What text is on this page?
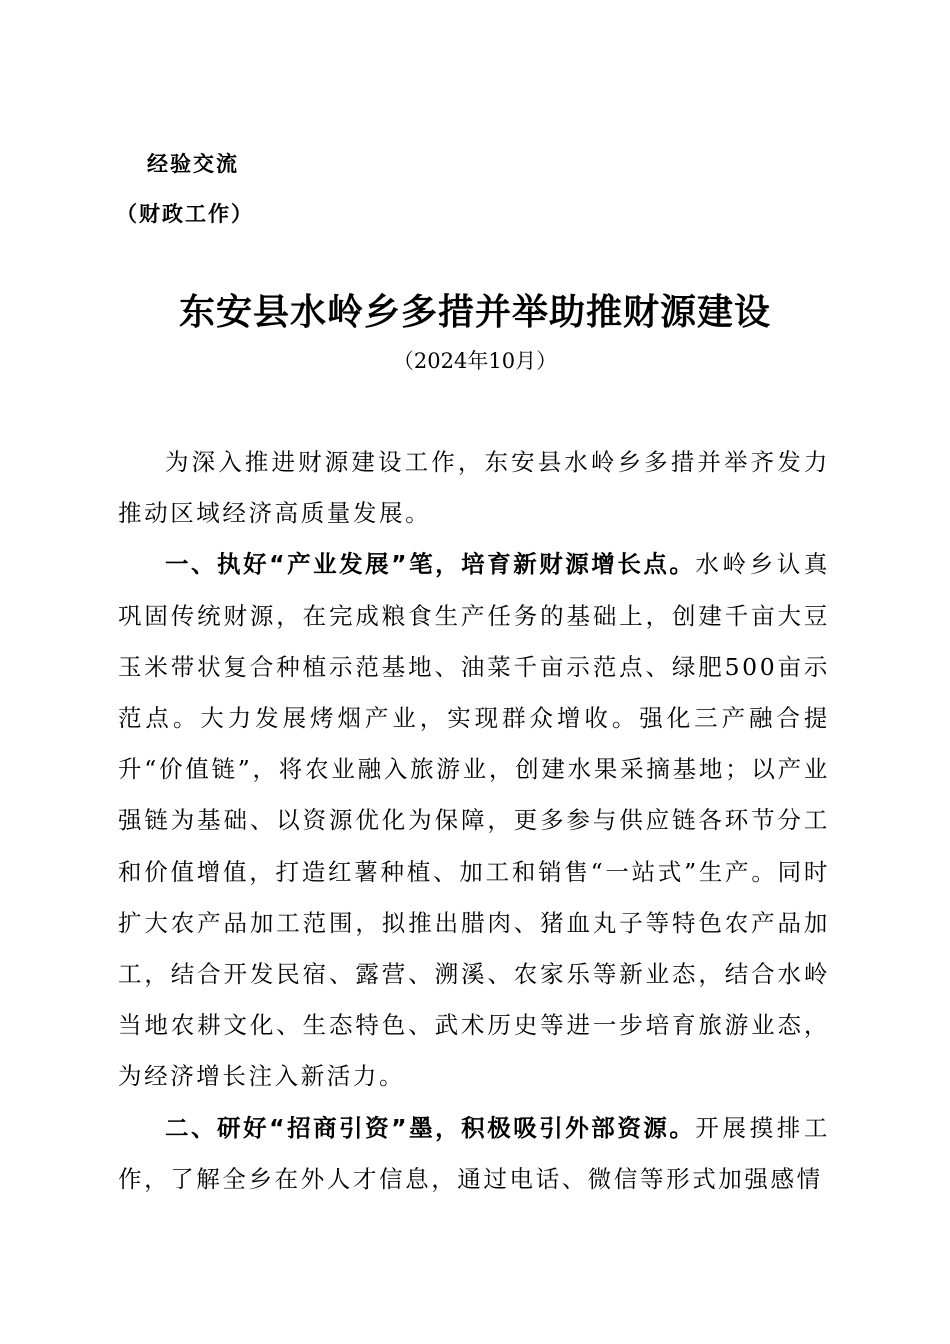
经验交流
（财政工作）
东安县水岭乡多措并举助推财源建设
（2024年10月）

为深入推进财源建设工作，东安县水岭乡多措并举齐发力推动区域经济高质量发展。

一、执好“产业发展”笔，培育新财源增长点。水岭乡认真巩固传统财源，在完成粮食生产任务的基础上，创建千亩大豆玉米带状复合种植示范基地、油菜千亩示范点、绿肥500亩示范点。大力发展烤烟产业，实现群众增收。强化三产融合提升“价值链”，将农业融入旅游业，创建水果采摘基地；以产业强链为基础、以资源优化为保障，更多参与供应链各环节分工和价值增值，打造红薯种植、加工和销售“一站式”生产。同时扩大农产品加工范围，拟推出腊肉、猪血丸子等特色农产品加工，结合开发民宿、露营、溯溪、农家乐等新业态，结合水岭当地农耕文化、生态特色、武术历史等进一步培育旅游业态，为经济增长注入新活力。

二、研好“招商引资”墨，积极吸引外部资源。开展摸排工作，了解全乡在外人才信息，通过电话、微信等形式加强感情
